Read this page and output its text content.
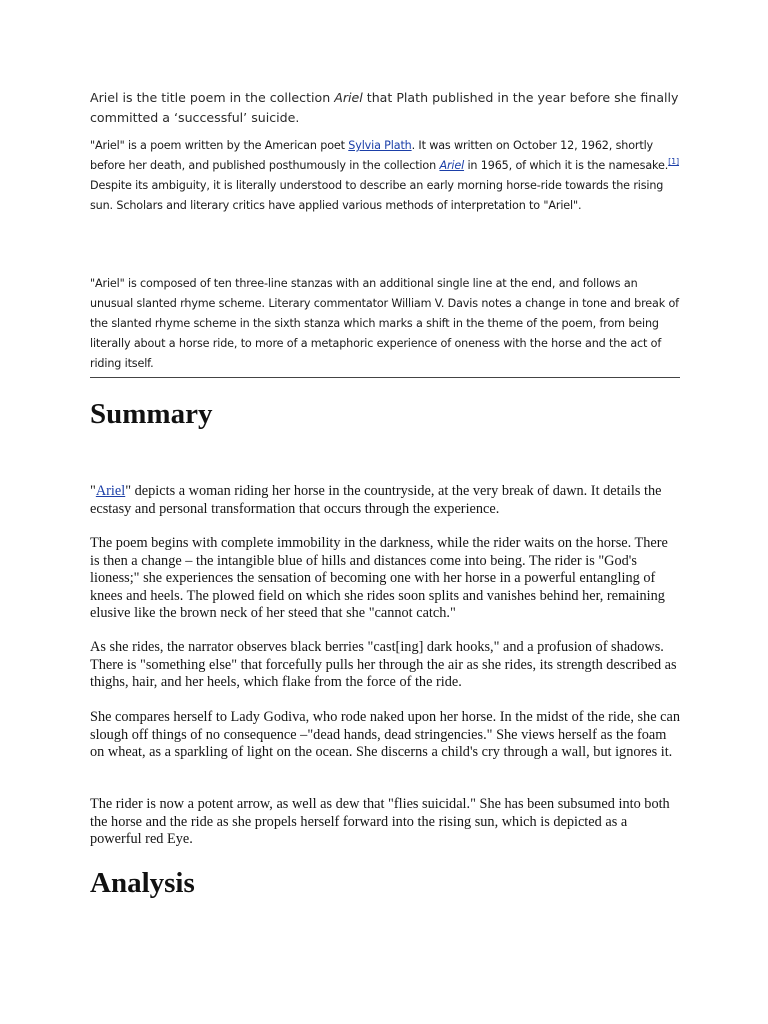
Ariel is the title poem in the collection Ariel that Plath published in the year before she finally committed a ‘successful’ suicide.

"Ariel" is a poem written by the American poet Sylvia Plath. It was written on October 12, 1962, shortly before her death, and published posthumously in the collection Ariel in 1965, of which it is the namesake.[1] Despite its ambiguity, it is literally understood to describe an early morning horse-ride towards the rising sun. Scholars and literary critics have applied various methods of interpretation to "Ariel".

"Ariel" is composed of ten three-line stanzas with an additional single line at the end, and follows an unusual slanted rhyme scheme. Literary commentator William V. Davis notes a change in tone and break of the slanted rhyme scheme in the sixth stanza which marks a shift in the theme of the poem, from being literally about a horse ride, to more of a metaphoric experience of oneness with the horse and the act of riding itself.

Summary

"Ariel" depicts a woman riding her horse in the countryside, at the very break of dawn. It details the ecstasy and personal transformation that occurs through the experience.

The poem begins with complete immobility in the darkness, while the rider waits on the horse. There is then a change – the intangible blue of hills and distances come into being. The rider is "God's lioness;" she experiences the sensation of becoming one with her horse in a powerful entangling of knees and heels. The plowed field on which she rides soon splits and vanishes behind her, remaining elusive like the brown neck of her steed that she "cannot catch."

As she rides, the narrator observes black berries "cast[ing] dark hooks," and a profusion of shadows. There is "something else" that forcefully pulls her through the air as she rides, its strength described as thighs, hair, and her heels, which flake from the force of the ride.

She compares herself to Lady Godiva, who rode naked upon her horse. In the midst of the ride, she can slough off things of no consequence –"dead hands, dead stringencies." She views herself as the foam on wheat, as a sparkling of light on the ocean. She discerns a child's cry through a wall, but ignores it.

The rider is now a potent arrow, as well as dew that "flies suicidal." She has been subsumed into both the horse and the ride as she propels herself forward into the rising sun, which is depicted as a powerful red Eye.

Analysis
